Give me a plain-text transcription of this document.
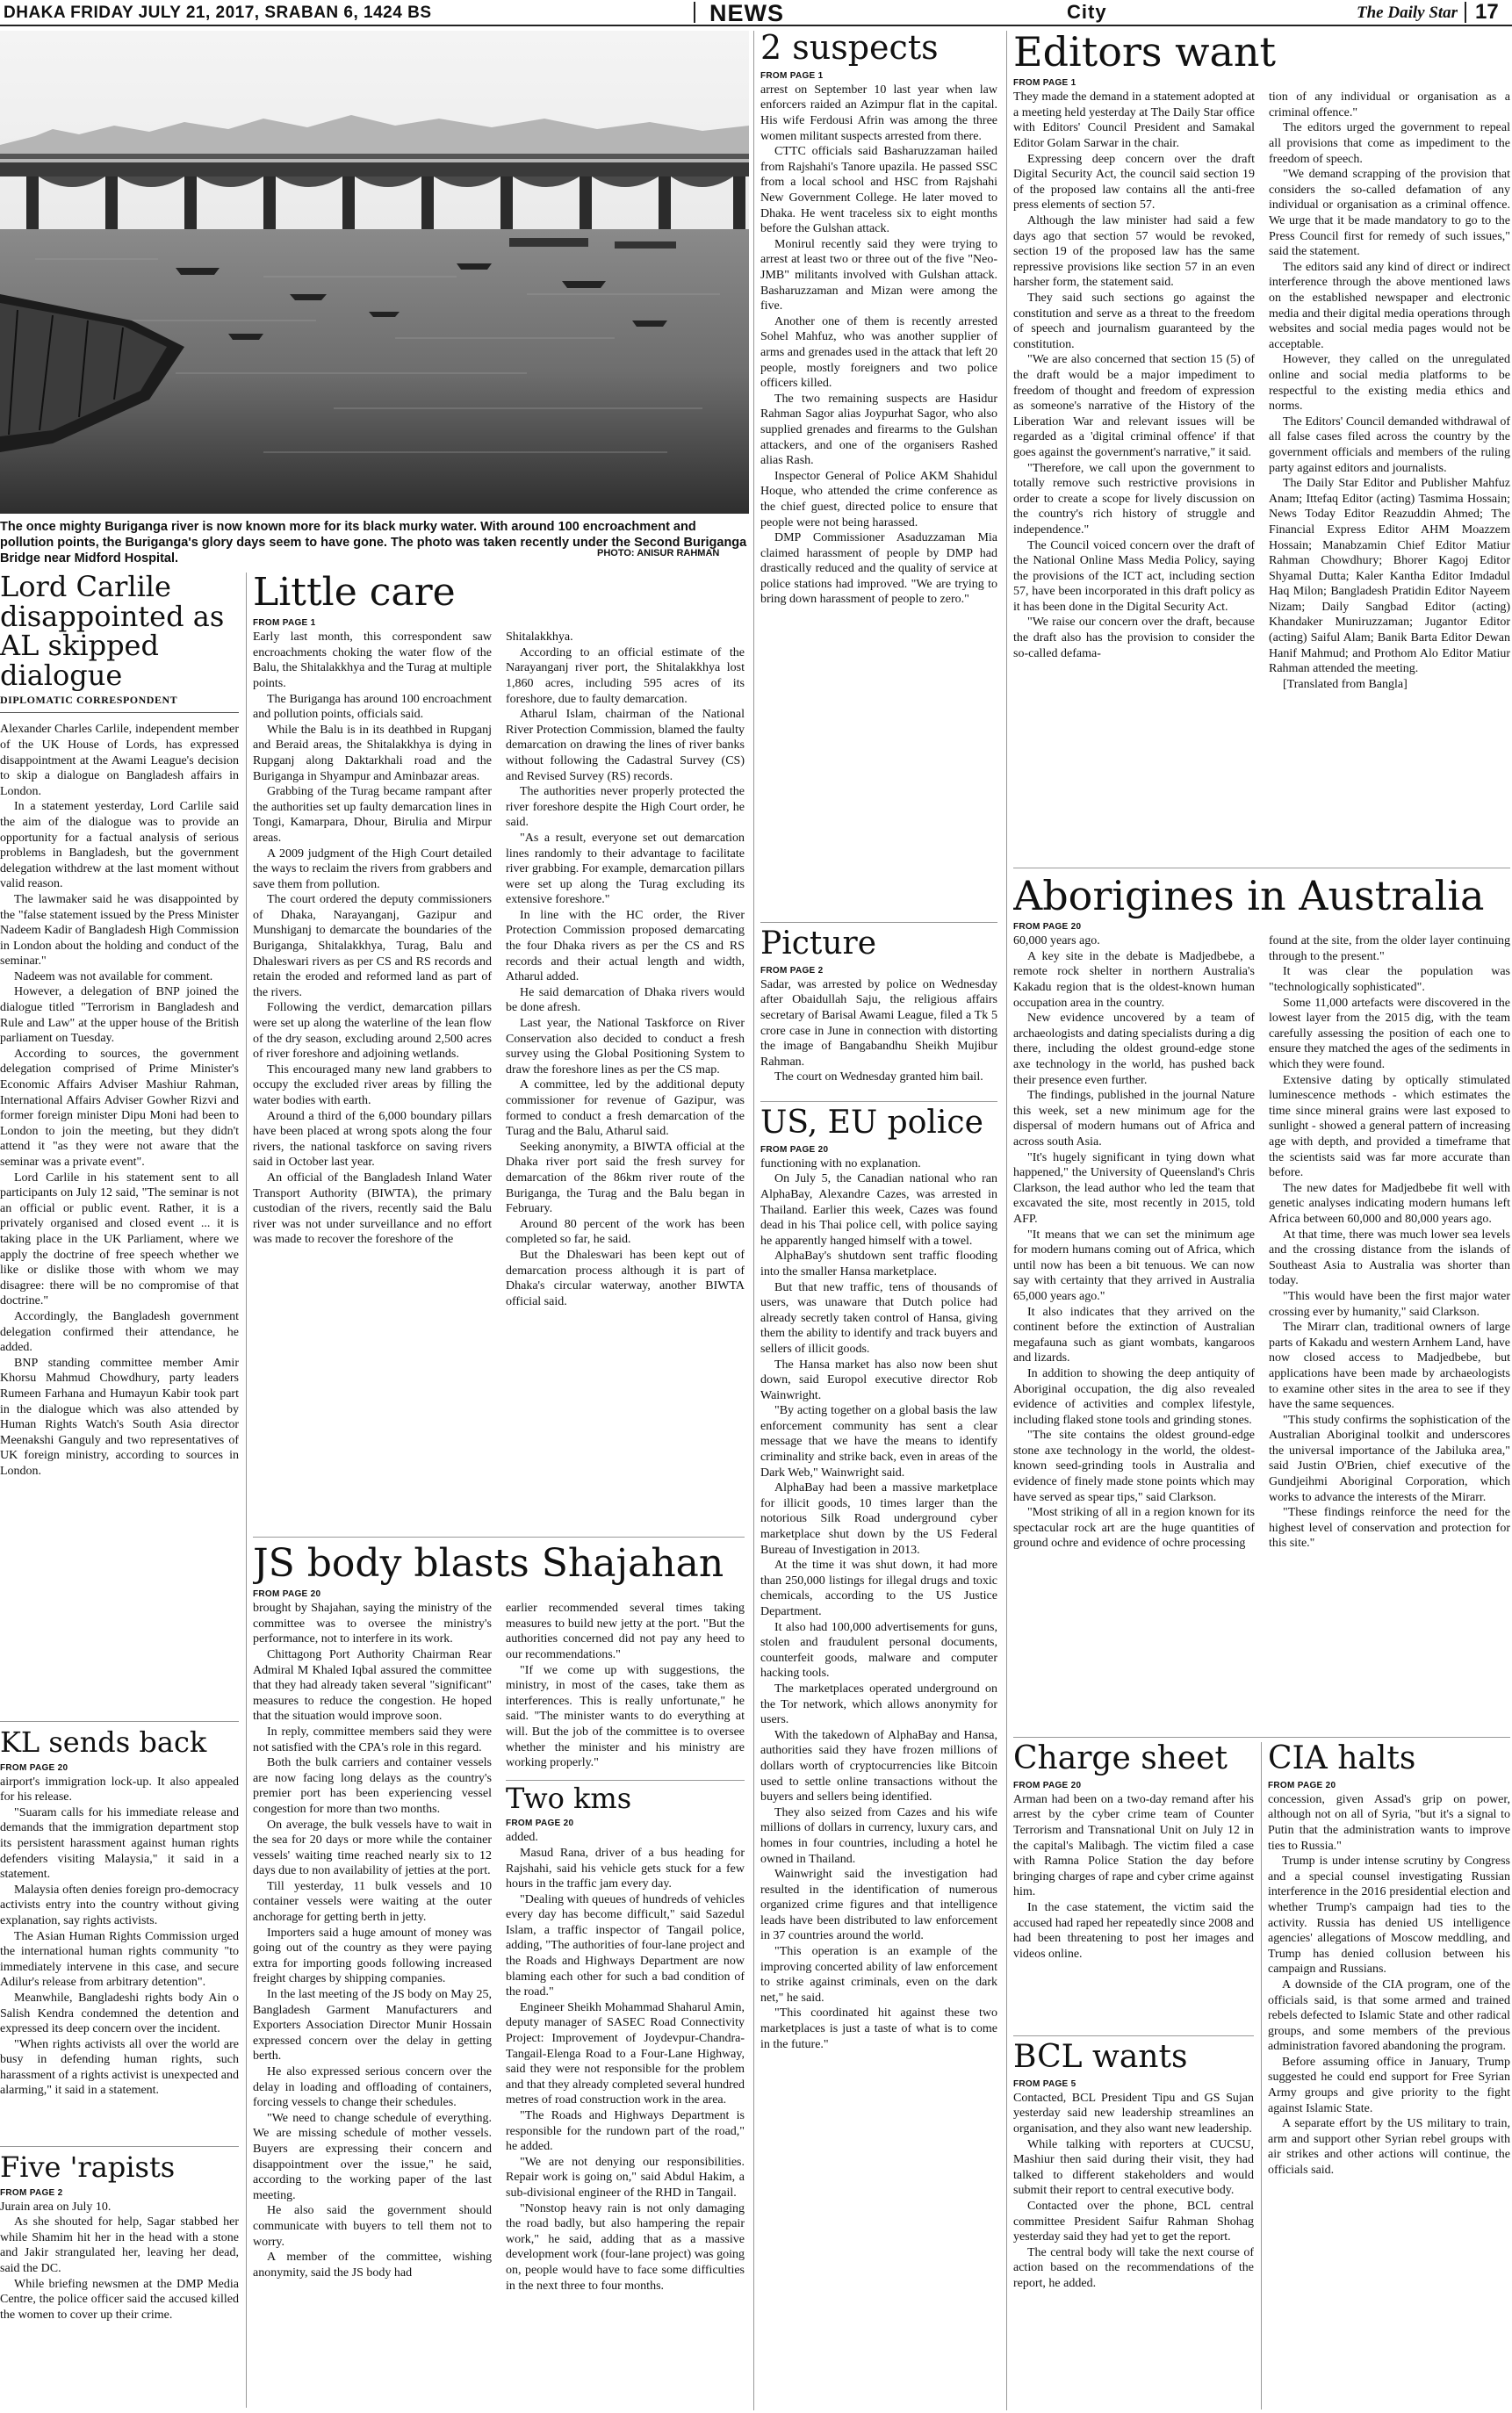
DHAKA FRIDAY JULY 21, 2017, SRABAN 6, 1424 BS	NEWS	City	The Daily Star 17
The once mighty Buriganga river is now known more for its black murky water. With around 100 encroachment and pollution points, the Buriganga's glory days seem to have gone. The photo was taken recently under the Second Buriganga Bridge near Midford Hospital.	PHOTO: ANISUR RAHMAN
Lord Carlile disappointed as AL skipped dialogue
DIPLOMATIC CORRESPONDENT

Alexander Charles Carlile, independent member of the UK House of Lords, has expressed disappointment at the Awami League's decision to skip a dialogue on Bangladesh affairs in London.

In a statement yesterday, Lord Carlile said the aim of the dialogue was to provide an opportunity for a factual analysis of serious problems in Bangladesh, but the government delegation withdrew at the last moment without valid reason.

The lawmaker said he was disappointed by the "false statement issued by the Press Minister Nadeem Kadir of Bangladesh High Commission in London about the holding and conduct of the seminar."

Nadeem was not available for comment.

However, a delegation of BNP joined the dialogue titled "Terrorism in Bangladesh and Rule and Law" at the upper house of the British parliament on Tuesday.

According to sources, the government delegation comprised of Prime Minister's Economic Affairs Adviser Mashiur Rahman, International Affairs Adviser Gowher Rizvi and former foreign minister Dipu Moni had been to London to join the meeting, but they didn't attend it "as they were not aware that the seminar was a private event".

Lord Carlile in his statement sent to all participants on July 12 said, "The seminar is not an official or public event. Rather, it is a privately organised and closed event ... it is taking place in the UK Parliament, where we apply the doctrine of free speech whether we like or dislike those with whom we may disagree: there will be no compromise of that doctrine."

Accordingly, the Bangladesh government delegation confirmed their attendance, he added.

BNP standing committee member Amir Khorsu Mahmud Chowdhury, party leaders Rumeen Farhana and Humayun Kabir took part in the dialogue which was also attended by Human Rights Watch's South Asia director Meenakshi Ganguly and two representatives of UK foreign ministry, according to sources in London.

KL sends back
FROM PAGE 20

airport's immigration lock-up. It also appealed for his release.

"Suaram calls for his immediate release and demands that the immigration department stop its persistent harassment against human rights defenders visiting Malaysia," it said in a statement.

Malaysia often denies foreign pro-democracy activists entry into the country without giving explanation, say rights activists.

The Asian Human Rights Commission urged the international human rights community "to immediately intervene in this case, and secure Adilur's release from arbitrary detention".

Meanwhile, Bangladeshi rights body Ain o Salish Kendra condemned the detention and expressed its deep concern over the incident.

"When rights activists all over the world are busy in defending human rights, such harassment of a rights activist is unexpected and alarming," it said in a statement.

Five 'rapists
FROM PAGE 2

Jurain area on July 10.

As she shouted for help, Sagar stabbed her while Shamim hit her in the head with a stone and Jakir strangulated her, leaving her dead, said the DC.

While briefing newsmen at the DMP Media Centre, the police officer said the accused killed the women to cover up their crime.

Little care
FROM PAGE 1

Early last month, this correspondent saw encroachments choking the water flow of the Balu, the Shitalakkhya and the Turag at multiple points.

The Buriganga has around 100 encroachment and pollution points, officials said.

While the Balu is in its deathbed in Rupganj and Beraid areas, the Shitalakkhya is dying in Rupganj along Daktarkhali road and the Buriganga in Shyampur and Aminbazar areas.

Grabbing of the Turag became rampant after the authorities set up faulty demarcation lines in Tongi, Kamarpara, Dhour, Birulia and Mirpur areas.

A 2009 judgment of the High Court detailed the ways to reclaim the rivers from grabbers and save them from pollution.

The court ordered the deputy commissioners of Dhaka, Narayanganj, Gazipur and Munshiganj to demarcate the boundaries of the Buriganga, Shitalakkhya, Turag, Balu and Dhaleswari rivers as per CS and RS records and retain the eroded and reformed land as part of the rivers.

Following the verdict, demarcation pillars were set up along the waterline of the lean flow of the dry season, excluding around 2,500 acres of river foreshore and adjoining wetlands.

This encouraged many new land grabbers to occupy the excluded river areas by filling the water bodies with earth.

Around a third of the 6,000 boundary pillars have been placed at wrong spots along the four rivers, the national taskforce on saving rivers said in October last year.

An official of the Bangladesh Inland Water Transport Authority (BIWTA), the primary custodian of the rivers, recently said the Balu river was not under surveillance and no effort was made to recover the foreshore of the

Shitalakkhya.

According to an official estimate of the Narayanganj river port, the Shitalakkhya lost 1,860 acres, including 595 acres of its foreshore, due to faulty demarcation.

Atharul Islam, chairman of the National River Protection Commission, blamed the faulty demarcation on drawing the lines of river banks without following the Cadastral Survey (CS) and Revised Survey (RS) records.

The authorities never properly protected the river foreshore despite the High Court order, he said.

"As a result, everyone set out demarcation lines randomly to their advantage to facilitate river grabbing. For example, demarcation pillars were set up along the Turag excluding its extensive foreshore."

In line with the HC order, the River Protection Commission proposed demarcating the four Dhaka rivers as per the CS and RS records and their actual length and width, Atharul added.

He said demarcation of Dhaka rivers would be done afresh.

Last year, the National Taskforce on River Conservation also decided to conduct a fresh survey using the Global Positioning System to draw the foreshore lines as per the CS map.

A committee, led by the additional deputy commissioner for revenue of Gazipur, was formed to conduct a fresh demarcation of the Turag and the Balu, Atharul said.

Seeking anonymity, a BIWTA official at the Dhaka river port said the fresh survey for demarcation of the 86km river route of the Buriganga, the Turag and the Balu began in February.

Around 80 percent of the work has been completed so far, he said.

But the Dhaleswari has been kept out of demarcation process although it is part of Dhaka's circular waterway, another BIWTA official said.

JS body blasts Shajahan
FROM PAGE 20

brought by Shajahan, saying the ministry of the committee was to oversee the ministry's performance, not to interfere in its work.

Chittagong Port Authority Chairman Rear Admiral M Khaled Iqbal assured the committee that they had already taken several "significant" measures to reduce the congestion. He hoped that the situation would improve soon.

In reply, committee members said they were not satisfied with the CPA's role in this regard.

Both the bulk carriers and container vessels are now facing long delays as the country's premier port has been experiencing vessel congestion for more than two months.

On average, the bulk vessels have to wait in the sea for 20 days or more while the container vessels' waiting time reached nearly six to 12 days due to non availability of jetties at the port.

Till yesterday, 11 bulk vessels and 10 container vessels were waiting at the outer anchorage for getting berth in jetty.

Importers said a huge amount of money was going out of the country as they were paying extra for importing goods following increased freight charges by shipping companies.

In the last meeting of the JS body on May 25, Bangladesh Garment Manufacturers and Exporters Association Director Munir Hossain expressed concern over the delay in getting berth.

He also expressed serious concern over the delay in loading and offloading of containers, forcing vessels to change their schedules.

"We need to change schedule of everything. We are missing schedule of mother vessels. Buyers are expressing their concern and disappointment over the issue," he said, according to the working paper of the last meeting.

He also said the government should communicate with buyers to tell them not to worry.

A member of the committee, wishing anonymity, said the JS body had

earlier recommended several times taking measures to build new jetty at the port. "But the authorities concerned did not pay any heed to our recommendations."

"If we come up with suggestions, the ministry, in most of the cases, take them as interferences. This is really unfortunate," he said. "The minister wants to do everything at will. But the job of the committee is to oversee whether the minister and his ministry are working properly."

Two kms
FROM PAGE 20

added.

Masud Rana, driver of a bus heading for Rajshahi, said his vehicle gets stuck for a few hours in the traffic jam every day.

"Dealing with queues of hundreds of vehicles every day has become difficult," said Sazedul Islam, a traffic inspector of Tangail police, adding, "The authorities of four-lane project and the Roads and Highways Department are now blaming each other for such a bad condition of the road."

Engineer Sheikh Mohammad Shaharul Amin, deputy manager of SASEC Road Connectivity Project: Improvement of Joydevpur-Chandra-Tangail-Elenga Road to a Four-Lane Highway, said they were not responsible for the problem and that they already completed several hundred metres of road construction work in the area.

"The Roads and Highways Department is responsible for the rundown part of the road," he added.

"We are not denying our responsibilities. Repair work is going on," said Abdul Hakim, a sub-divisional engineer of the RHD in Tangail.

"Nonstop heavy rain is not only damaging the road badly, but also hampering the repair work," he said, adding that as a massive development work (four-lane project) was going on, people would have to face some difficulties in the next three to four months.

2 suspects
FROM PAGE 1

arrest on September 10 last year when law enforcers raided an Azimpur flat in the capital. His wife Ferdousi Afrin was among the three women militant suspects arrested from there.

CTTC officials said Basharuzzaman hailed from Rajshahi's Tanore upazila. He passed SSC from a local school and HSC from Rajshahi New Government College. He later moved to Dhaka. He went traceless six to eight months before the Gulshan attack.

Monirul recently said they were trying to arrest at least two or three out of the five "Neo-JMB" militants involved with Gulshan attack. Basharuzzaman and Mizan were among the five.

Another one of them is recently arrested Sohel Mahfuz, who was another supplier of arms and grenades used in the attack that left 20 people, mostly foreigners and two police officers killed.

The two remaining suspects are Hasidur Rahman Sagor alias Joypurhat Sagor, who also supplied grenades and firearms to the Gulshan attackers, and one of the organisers Rashed alias Rash.

Inspector General of Police AKM Shahidul Hoque, who attended the crime conference as the chief guest, directed police to ensure that people were not being harassed.

DMP Commissioner Asaduzzaman Mia claimed harassment of people by DMP had drastically reduced and the quality of service at police stations had improved. "We are trying to bring down harassment of people to zero."

Picture
FROM PAGE 2

Sadar, was arrested by police on Wednesday after Obaidullah Saju, the religious affairs secretary of Barisal Awami League, filed a Tk 5 crore case in June in connection with distorting the image of Bangabandhu Sheikh Mujibur Rahman.

The court on Wednesday granted him bail.

US, EU police
FROM PAGE 20

functioning with no explanation.

On July 5, the Canadian national who ran AlphaBay, Alexandre Cazes, was arrested in Thailand. Earlier this week, Cazes was found dead in his Thai police cell, with police saying he apparently hanged himself with a towel.

AlphaBay's shutdown sent traffic flooding into the smaller Hansa marketplace.

But that new traffic, tens of thousands of users, was unaware that Dutch police had already secretly taken control of Hansa, giving them the ability to identify and track buyers and sellers of illicit goods.

The Hansa market has also now been shut down, said Europol executive director Rob Wainwright.

"By acting together on a global basis the law enforcement community has sent a clear message that we have the means to identify criminality and strike back, even in areas of the Dark Web," Wainwright said.

AlphaBay had been a massive marketplace for illicit goods, 10 times larger than the notorious Silk Road underground cyber marketplace shut down by the US Federal Bureau of Investigation in 2013.

At the time it was shut down, it had more than 250,000 listings for illegal drugs and toxic chemicals, according to the US Justice Department.

It also had 100,000 advertisements for guns, stolen and fraudulent personal documents, counterfeit goods, malware and computer hacking tools.

The marketplaces operated underground on the Tor network, which allows anonymity for users.

With the takedown of AlphaBay and Hansa, authorities said they have frozen millions of dollars worth of cryptocurrencies like Bitcoin used to settle online transactions without the buyers and sellers being identified.

They also seized from Cazes and his wife millions of dollars in currency, luxury cars, and homes in four countries, including a hotel he owned in Thailand.

Wainwright said the investigation had resulted in the identification of numerous organized crime figures and that intelligence leads have been distributed to law enforcement in 37 countries around the world.

"This operation is an example of the improving concerted ability of law enforcement to strike against criminals, even on the dark net," he said.

"This coordinated hit against these two marketplaces is just a taste of what is to come in the future."

Editors want
FROM PAGE 1

They made the demand in a statement adopted at a meeting held yesterday at The Daily Star office with Editors' Council President and Samakal Editor Golam Sarwar in the chair.

Expressing deep concern over the draft Digital Security Act, the council said section 19 of the proposed law contains all the anti-free press elements of section 57.

Although the law minister had said a few days ago that section 57 would be revoked, section 19 of the proposed law has the same repressive provisions like section 57 in an even harsher form, the statement said.

They said such sections go against the constitution and serve as a threat to the freedom of speech and journalism guaranteed by the constitution.

"We are also concerned that section 15 (5) of the draft would be a major impediment to freedom of thought and freedom of expression as someone's narrative of the History of the Liberation War and relevant issues will be regarded as a 'digital criminal offence' if that goes against the government's narrative," it said.

"Therefore, we call upon the government to totally remove such restrictive provisions in order to create a scope for lively discussion on the country's rich history of struggle and independence."

The Council voiced concern over the draft of the National Online Mass Media Policy, saying the provisions of the ICT act, including section 57, have been incorporated in this draft policy as it has been done in the Digital Security Act.

"We raise our concern over the draft, because the draft also has the provision to consider the so-called defama-

tion of any individual or organisation as a criminal offence."

The editors urged the government to repeal all provisions that come as impediment to the freedom of speech.

"We demand scrapping of the provision that considers the so-called defamation of any individual or organisation as a criminal offence. We urge that it be made mandatory to go to the Press Council first for remedy of such issues," said the statement.

The editors said any kind of direct or indirect interference through the above mentioned laws on the established newspaper and electronic media and their digital media operations through websites and social media pages would not be acceptable.

However, they called on the unregulated online and social media platforms to be respectful to the existing media ethics and norms.

The Editors' Council demanded withdrawal of all false cases filed across the country by the government officials and members of the ruling party against editors and journalists.

The Daily Star Editor and Publisher Mahfuz Anam; Ittefaq Editor (acting) Tasmima Hossain; News Today Editor Reazuddin Ahmed; The Financial Express Editor AHM Moazzem Hossain; Manabzamin Chief Editor Matiur Rahman Chowdhury; Bhorer Kagoj Editor Shyamal Dutta; Kaler Kantha Editor Imdadul Haq Milon; Bangladesh Pratidin Editor Nayeem Nizam; Daily Sangbad Editor (acting) Khandaker Muniruzzaman; Jugantor Editor (acting) Saiful Alam; Banik Barta Editor Dewan Hanif Mahmud; and Prothom Alo Editor Matiur Rahman attended the meeting.

[Translated from Bangla]

Aborigines in Australia
FROM PAGE 20

60,000 years ago.

A key site in the debate is Madjedbebe, a remote rock shelter in northern Australia's Kakadu region that is the oldest-known human occupation area in the country.

New evidence uncovered by a team of archaeologists and dating specialists during a dig there, including the oldest ground-edge stone axe technology in the world, has pushed back their presence even further.

The findings, published in the journal Nature this week, set a new minimum age for the dispersal of modern humans out of Africa and across south Asia.

"It's hugely significant in tying down what happened," the University of Queensland's Chris Clarkson, the lead author who led the team that excavated the site, most recently in 2015, told AFP.

"It means that we can set the minimum age for modern humans coming out of Africa, which until now has been a bit tenuous. We can now say with certainty that they arrived in Australia 65,000 years ago."

It also indicates that they arrived on the continent before the extinction of Australian megafauna such as giant wombats, kangaroos and lizards.

In addition to showing the deep antiquity of Aboriginal occupation, the dig also revealed evidence of activities and complex lifestyle, including flaked stone tools and grinding stones.

"The site contains the oldest ground-edge stone axe technology in the world, the oldest-known seed-grinding tools in Australia and evidence of finely made stone points which may have served as spear tips," said Clarkson.

"Most striking of all in a region known for its spectacular rock art are the huge quantities of ground ochre and evidence of ochre processing

found at the site, from the older layer continuing through to the present."

It was clear the population was "technologically sophisticated".

Some 11,000 artefacts were discovered in the lowest layer from the 2015 dig, with the team carefully assessing the position of each one to ensure they matched the ages of the sediments in which they were found.

Extensive dating by optically stimulated luminescence methods - which estimates the time since mineral grains were last exposed to sunlight - showed a general pattern of increasing age with depth, and provided a timeframe that the scientists said was far more accurate than before.

The new dates for Madjedbebe fit well with genetic analyses indicating modern humans left Africa between 60,000 and 80,000 years ago.

At that time, there was much lower sea levels and the crossing distance from the islands of Southeast Asia to Australia was shorter than today.

"This would have been the first major water crossing ever by humanity," said Clarkson.

The Mirarr clan, traditional owners of large parts of Kakadu and western Arnhem Land, have now closed access to Madjedbebe, but applications have been made by archaeologists to examine other sites in the area to see if they have the same sequences.

"This study confirms the sophistication of the Australian Aboriginal toolkit and underscores the universal importance of the Jabiluka area," said Justin O'Brien, chief executive of the Gundjeihmi Aboriginal Corporation, which works to advance the interests of the Mirarr.

"These findings reinforce the need for the highest level of conservation and protection for this site."

Charge sheet
FROM PAGE 20

Arman had been on a two-day remand after his arrest by the cyber crime team of Counter Terrorism and Transnational Unit on July 12 in the capital's Malibagh. The victim filed a case with Ramna Police Station the day before bringing charges of rape and cyber crime against him.

In the case statement, the victim said the accused had raped her repeatedly since 2008 and had been threatening to post her images and videos online.

BCL wants
FROM PAGE 5

Contacted, BCL President Tipu and GS Sujan yesterday said new leadership streamlines an organisation, and they also want new leadership.

While talking with reporters at CUCSU, Mashiur then said during their visit, they had talked to different stakeholders and would submit their report to central executive body.

Contacted over the phone, BCL central committee President Saifur Rahman Shohag yesterday said they had yet to get the report.

The central body will take the next course of action based on the recommendations of the report, he added.

CIA halts
FROM PAGE 20

concession, given Assad's grip on power, although not on all of Syria, "but it's a signal to Putin that the administration wants to improve ties to Russia."

Trump is under intense scrutiny by Congress and a special counsel investigating Russian interference in the 2016 presidential election and whether Trump's campaign had ties to the activity. Russia has denied US intelligence agencies' allegations of Moscow meddling, and Trump has denied collusion between his campaign and Russians.

A downside of the CIA program, one of the officials said, is that some armed and trained rebels defected to Islamic State and other radical groups, and some members of the previous administration favored abandoning the program.

Before assuming office in January, Trump suggested he could end support for Free Syrian Army groups and give priority to the fight against Islamic State.

A separate effort by the US military to train, arm and support other Syrian rebel groups with air strikes and other actions will continue, the officials said.
